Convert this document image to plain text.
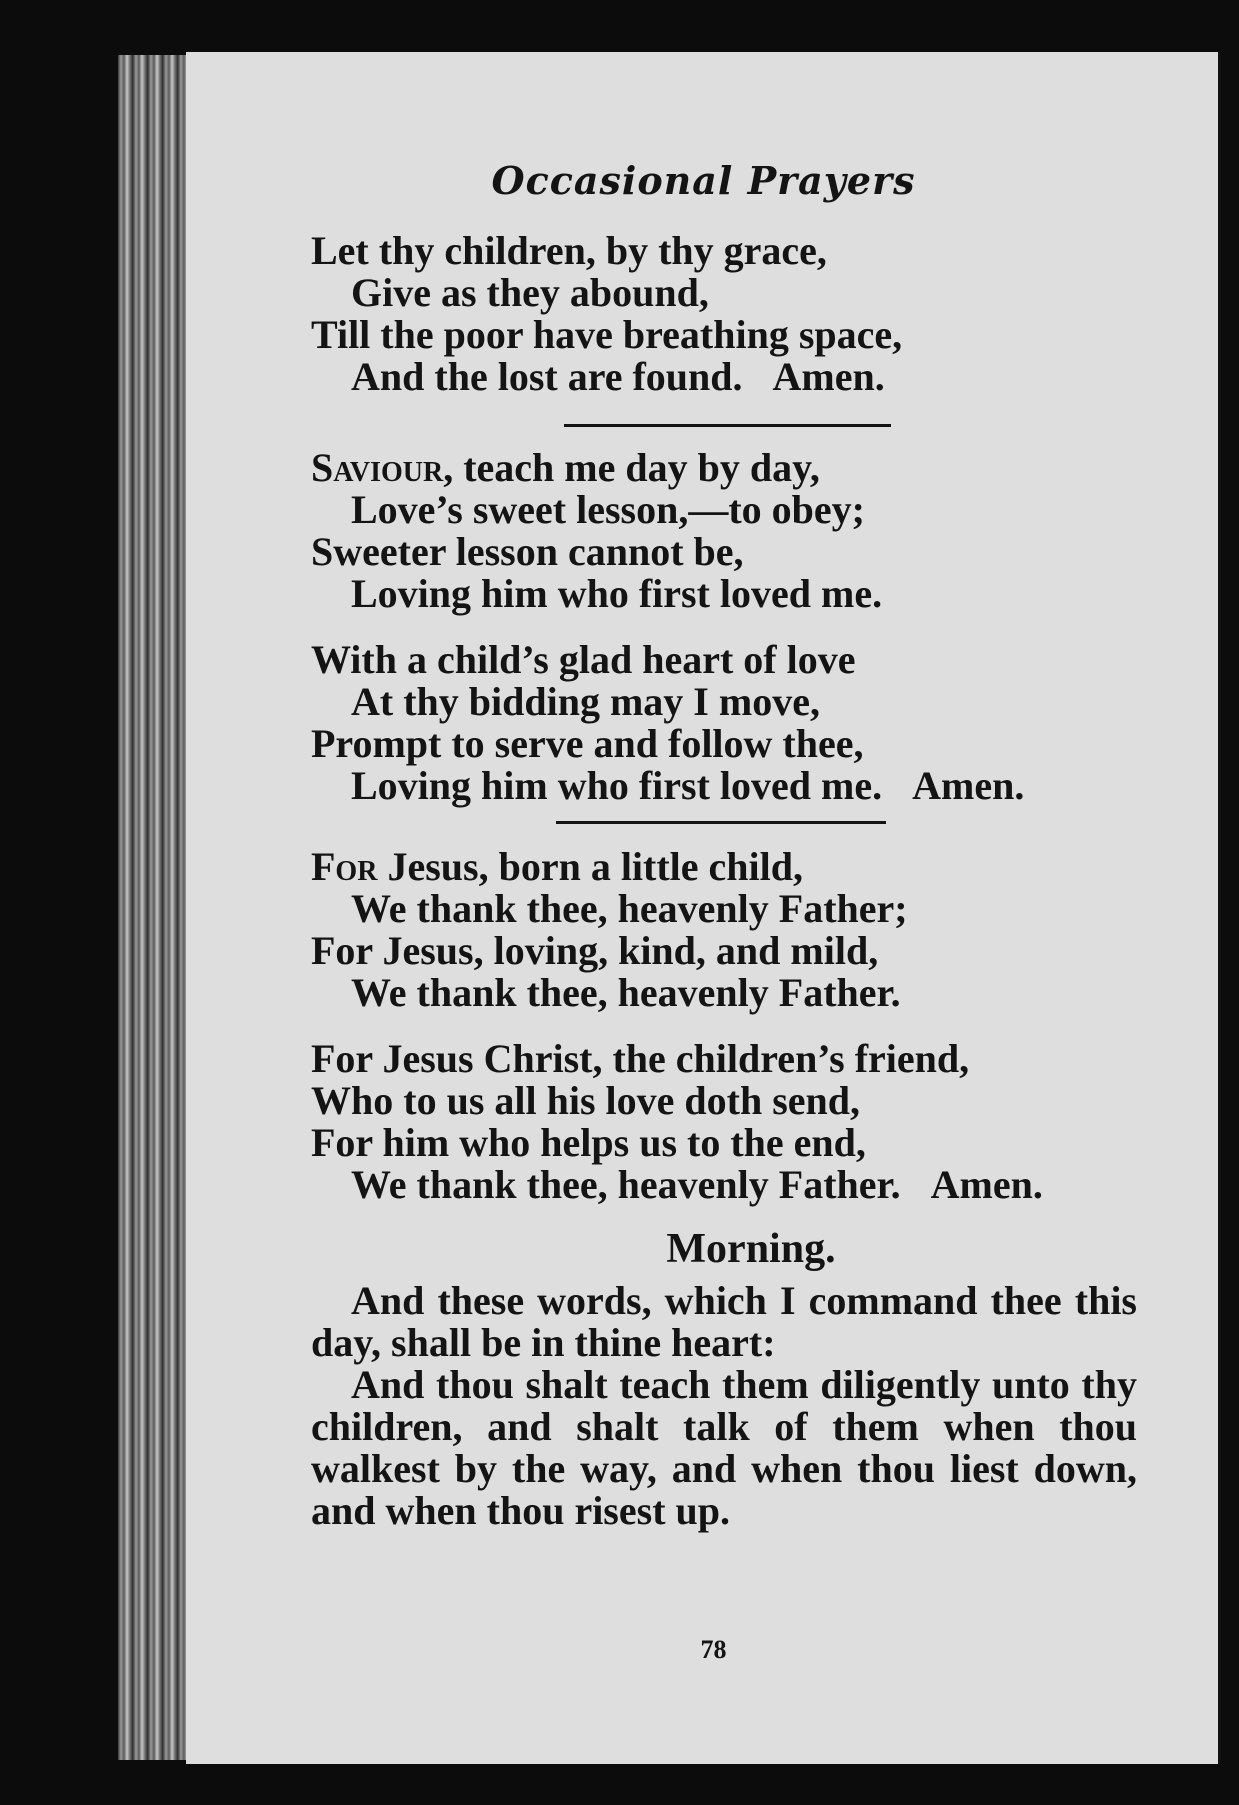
Occasional Prayers
Let thy children, by thy grace,
Give as they abound,
Till the poor have breathing space,
And the lost are found. Amen.
Saviour, teach me day by day,
Love’s sweet lesson,—to obey;
Sweeter lesson cannot be,
Loving him who first loved me.
With a child’s glad heart of love
At thy bidding may I move,
Prompt to serve and follow thee,
Loving him who first loved me. Amen.
For Jesus, born a little child,
We thank thee, heavenly Father;
For Jesus, loving, kind, and mild,
We thank thee, heavenly Father.
For Jesus Christ, the children’s friend,
Who to us all his love doth send,
For him who helps us to the end,
We thank thee, heavenly Father. Amen.
Morning.
And these words, which I command thee this day, shall be in thine heart:
And thou shalt teach them diligently unto thy children, and shalt talk of them when thou walkest by the way, and when thou liest down, and when thou risest up.
78
